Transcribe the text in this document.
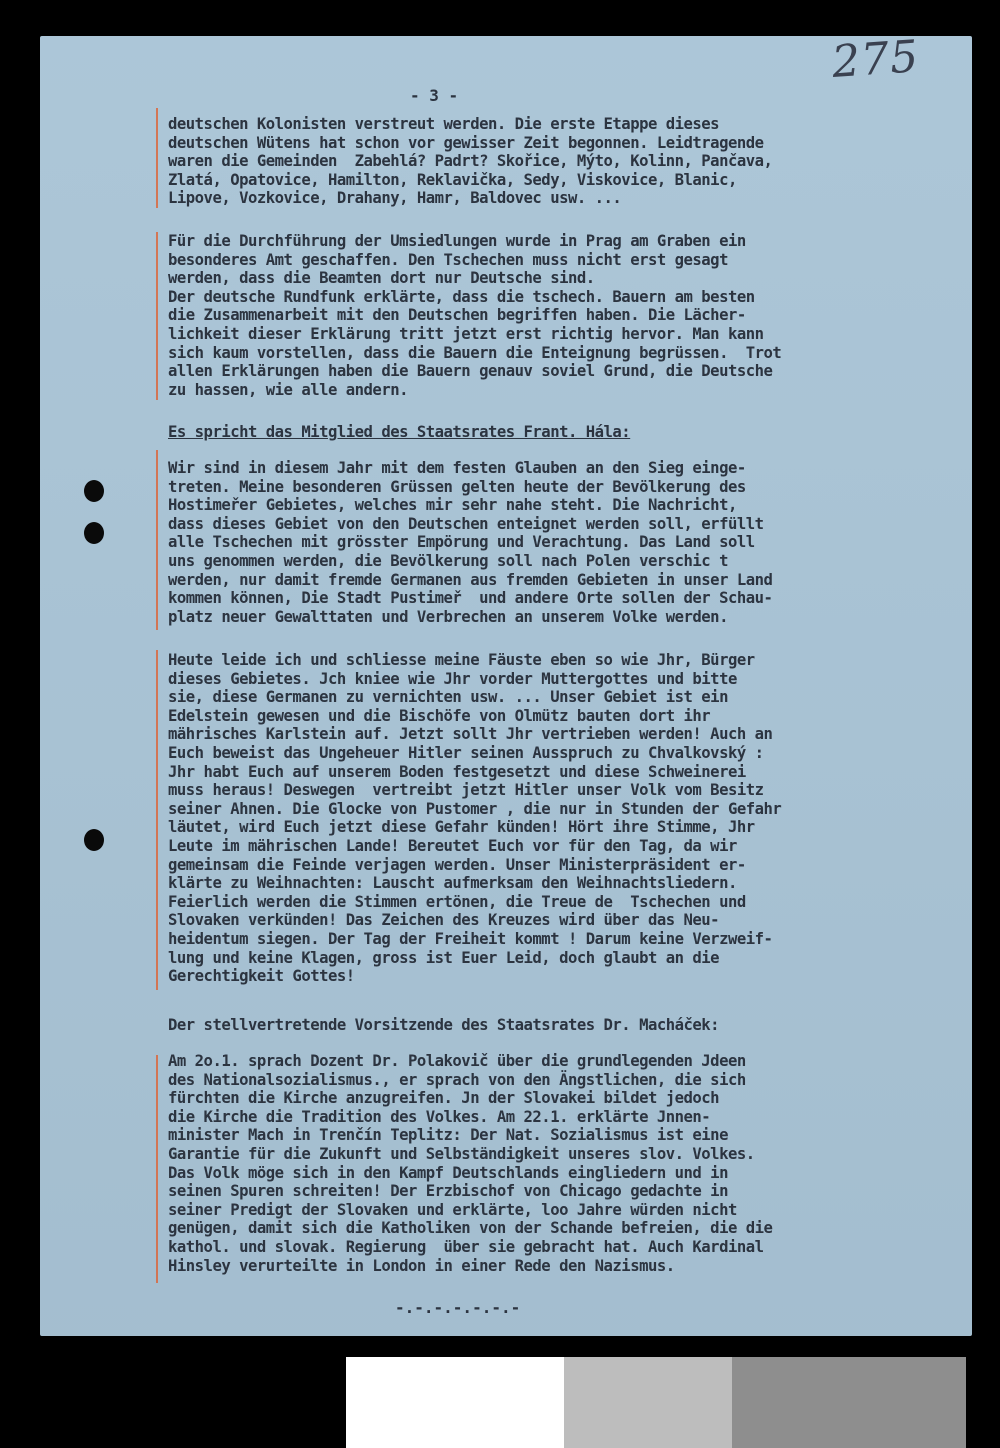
- 3 -
275
deutschen Kolonisten verstreut werden. Die erste Etappe dieses
deutschen Wütens hat schon vor gewisser Zeit begonnen. Leidtragende
waren die Gemeinden  Zabehlá? Padrt? Skořice, Mýto, Kolinn, Pančava,
Zlatá, Opatovice, Hamilton, Reklavička, Sedy, Viskovice, Blanic,
Lipove, Vozkovice, Drahany, Hamr, Baldovec usw. ...
Für die Durchführung der Umsiedlungen wurde in Prag am Graben ein
besonderes Amt geschaffen. Den Tschechen muss nicht erst gesagt
werden, dass die Beamten dort nur Deutsche sind.
Der deutsche Rundfunk erklärte, dass die tschech. Bauern am besten
die Zusammenarbeit mit den Deutschen begriffen haben. Die Lächer-
lichkeit dieser Erklärung tritt jetzt erst richtig hervor. Man kann
sich kaum vorstellen, dass die Bauern die Enteignung begrüssen.  Trot
allen Erklärungen haben die Bauern genauv soviel Grund, die Deutsche
zu hassen, wie alle andern.
Es spricht das Mitglied des Staatsrates Frant. Hála:
Wir sind in diesem Jahr mit dem festen Glauben an den Sieg einge-
treten. Meine besonderen Grüssen gelten heute der Bevölkerung des
Hostimeřer Gebietes, welches mir sehr nahe steht. Die Nachricht,
dass dieses Gebiet von den Deutschen enteignet werden soll, erfüllt
alle Tschechen mit grösster Empörung und Verachtung. Das Land soll
uns genommen werden, die Bevölkerung soll nach Polen verschic t
werden, nur damit fremde Germanen aus fremden Gebieten in unser Land
kommen können, Die Stadt Pustimeř  und andere Orte sollen der Schau-
platz neuer Gewalttaten und Verbrechen an unserem Volke werden.
Heute leide ich und schliesse meine Fäuste eben so wie Jhr, Bürger
dieses Gebietes. Jch kniee wie Jhr vorder Muttergottes und bitte
sie, diese Germanen zu vernichten usw. ... Unser Gebiet ist ein
Edelstein gewesen und die Bischöfe von Olmütz bauten dort ihr
mährisches Karlstein auf. Jetzt sollt Jhr vertrieben werden! Auch an
Euch beweist das Ungeheuer Hitler seinen Ausspruch zu Chvalkovský :
Jhr habt Euch auf unserem Boden festgesetzt und diese Schweinerei
muss heraus! Deswegen  vertreibt jetzt Hitler unser Volk vom Besitz
seiner Ahnen. Die Glocke von Pustomer , die nur in Stunden der Gefahr
läutet, wird Euch jetzt diese Gefahr künden! Hört ihre Stimme, Jhr
Leute im mährischen Lande! Bereutet Euch vor für den Tag, da wir
gemeinsam die Feinde verjagen werden. Unser Ministerpräsident er-
klärte zu Weihnachten: Lauscht aufmerksam den Weihnachtsliedern.
Feierlich werden die Stimmen ertönen, die Treue de  Tschechen und
Slovaken verkünden! Das Zeichen des Kreuzes wird über das Neu-
heidentum siegen. Der Tag der Freiheit kommt ! Darum keine Verzweif-
lung und keine Klagen, gross ist Euer Leid, doch glaubt an die
Gerechtigkeit Gottes!
Der stellvertretende Vorsitzende des Staatsrates Dr. Macháček:
Am 2o.1. sprach Dozent Dr. Polakovič über die grundlegenden Jdeen
des Nationalsozialismus., er sprach von den Ängstlichen, die sich
fürchten die Kirche anzugreifen. Jn der Slovakei bildet jedoch
die Kirche die Tradition des Volkes. Am 22.1. erklärte Jnnen-
minister Mach in Trenčín Teplitz: Der Nat. Sozialismus ist eine
Garantie für die Zukunft und Selbständigkeit unseres slov. Volkes.
Das Volk möge sich in den Kampf Deutschlands eingliedern und in
seinen Spuren schreiten! Der Erzbischof von Chicago gedachte in
seiner Predigt der Slovaken und erklärte, loo Jahre würden nicht
genügen, damit sich die Katholiken von der Schande befreien, die die
kathol. und slovak. Regierung  über sie gebracht hat. Auch Kardinal
Hinsley verurteilte in London in einer Rede den Nazismus.
-.-.-.-.-.-.-
